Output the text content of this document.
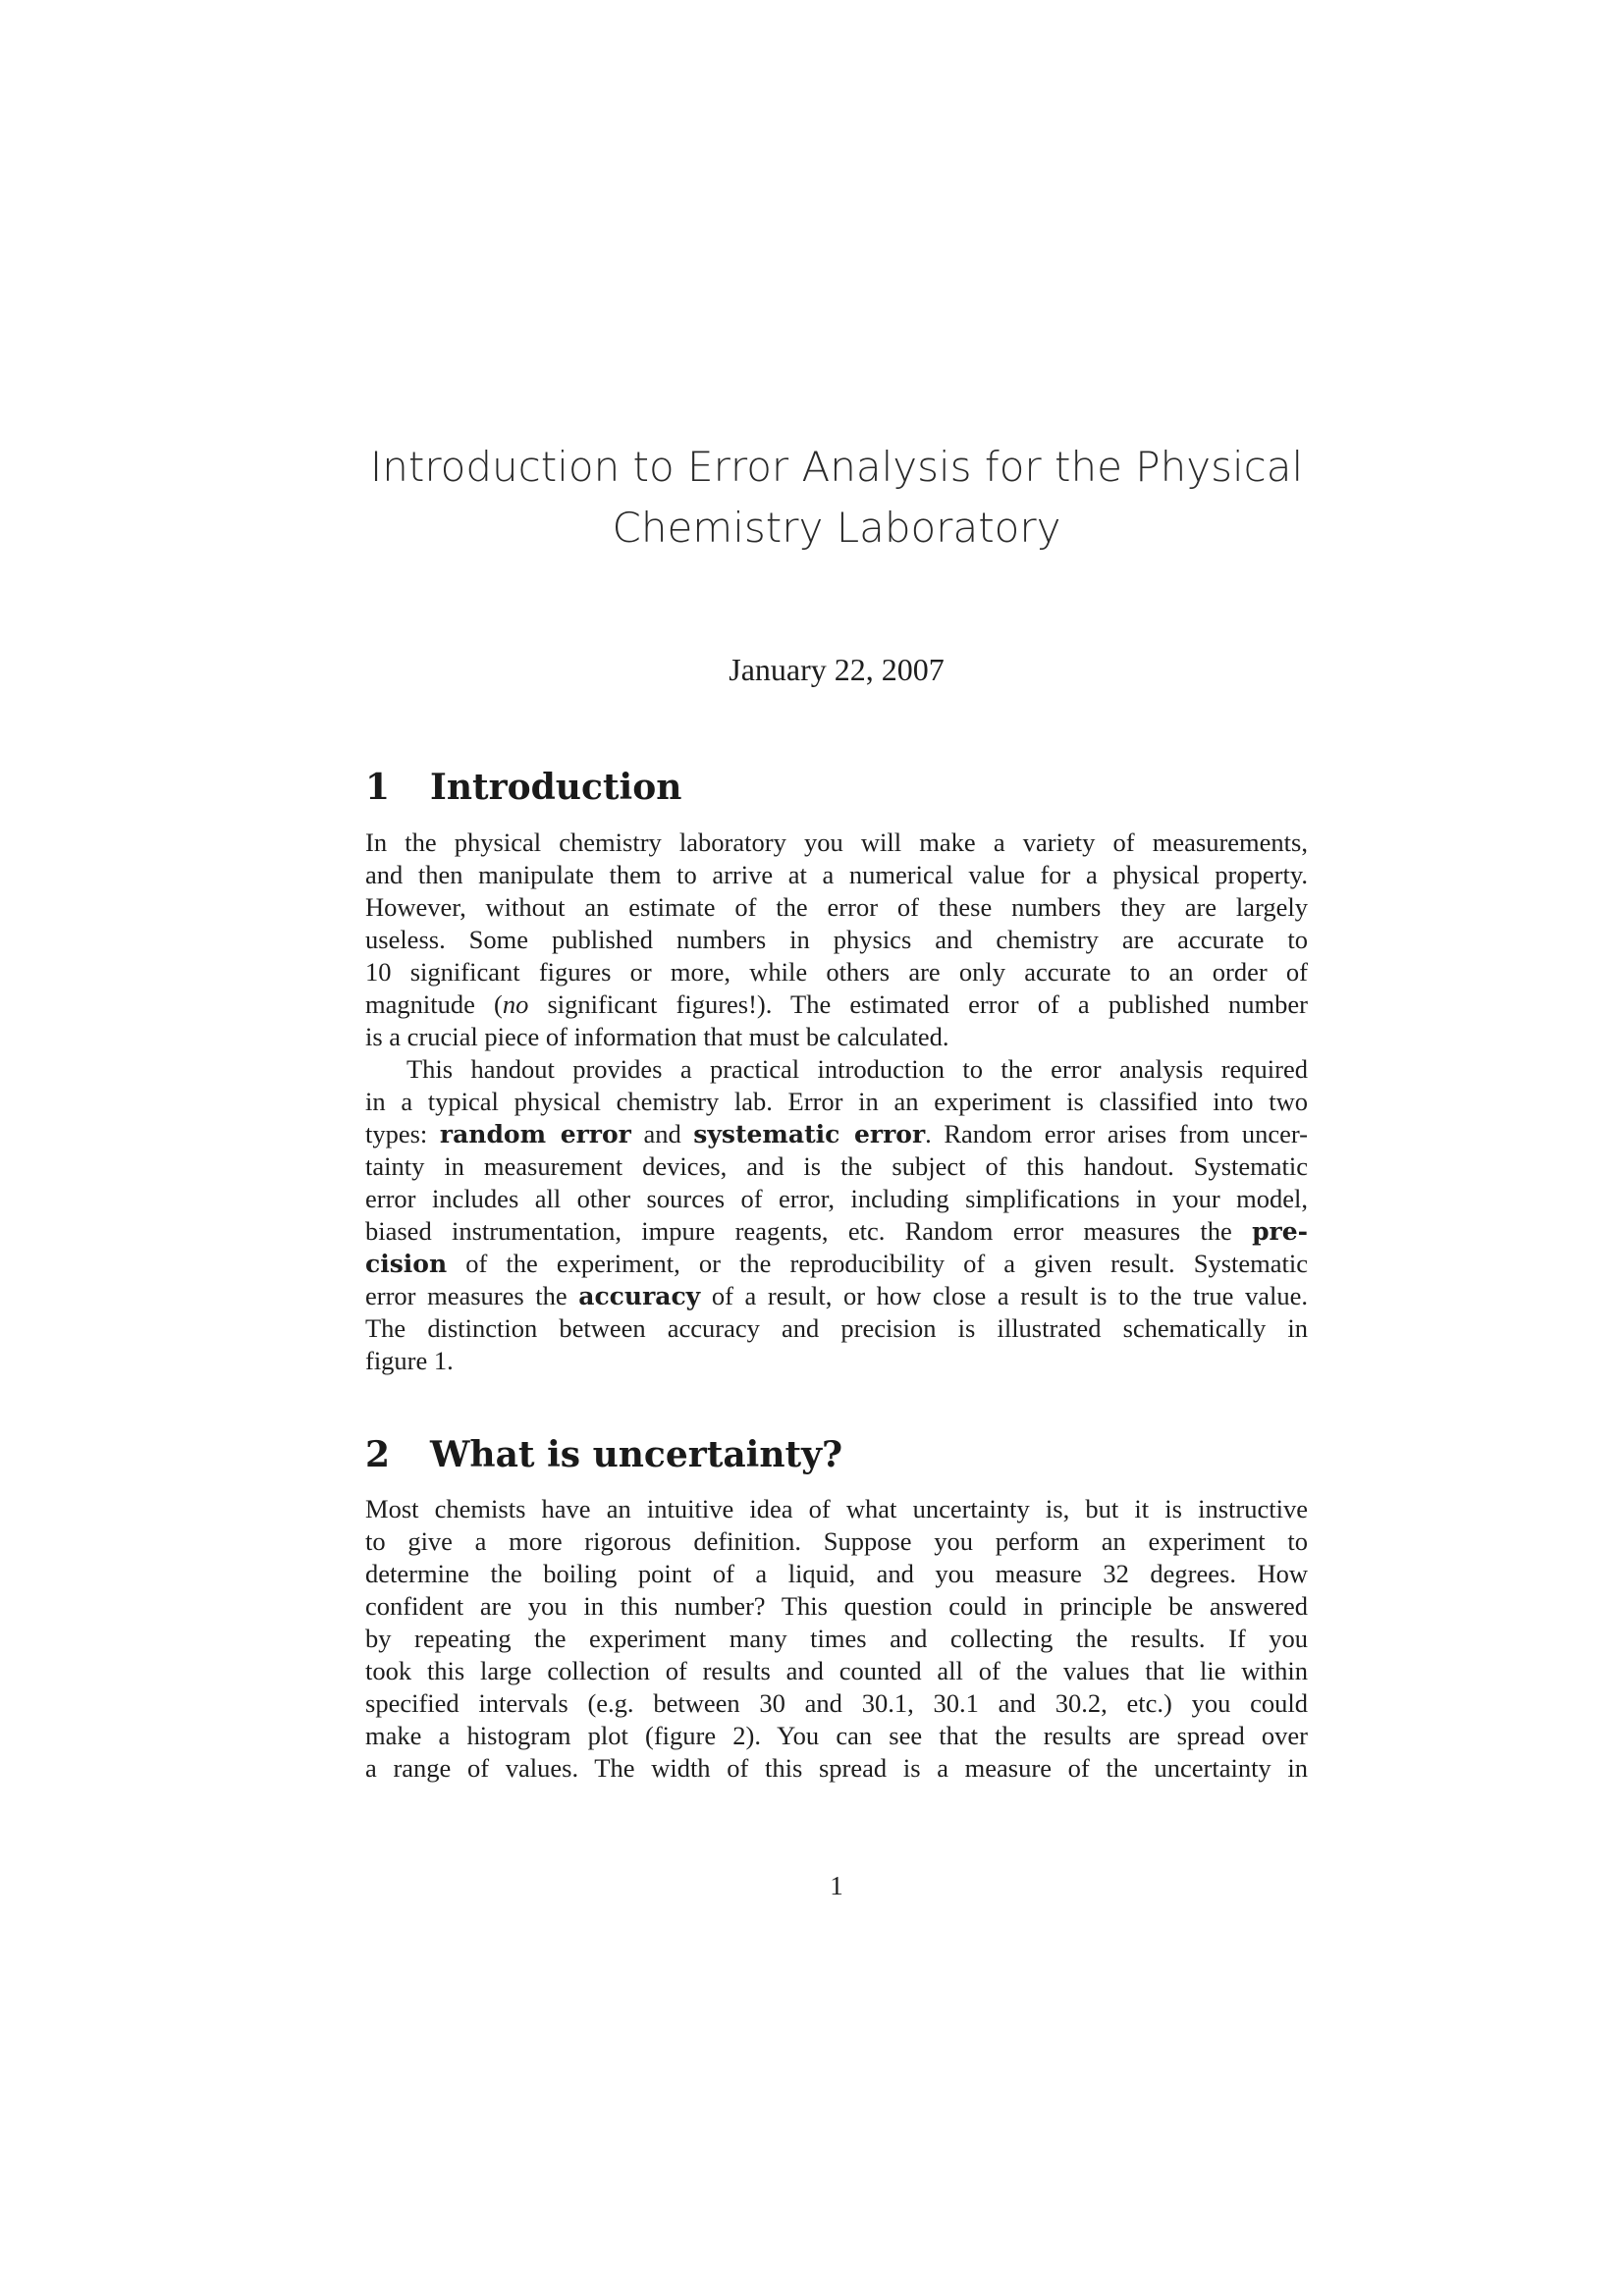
Introduction to Error Analysis for the Physical
Chemistry Laboratory
January 22, 2007
1 Introduction

In the physical chemistry laboratory you will make a variety of measurements,
and then manipulate them to arrive at a numerical value for a physical property.
However, without an estimate of the error of these numbers they are largely
useless. Some published numbers in physics and chemistry are accurate to
10 significant figures or more, while others are only accurate to an order of
magnitude (no significant figures!). The estimated error of a published number
is a crucial piece of information that must be calculated.

This handout provides a practical introduction to the error analysis required
in a typical physical chemistry lab. Error in an experiment is classified into two
types: random error and systematic error. Random error arises from uncer-
tainty in measurement devices, and is the subject of this handout. Systematic
error includes all other sources of error, including simplifications in your model,
biased instrumentation, impure reagents, etc. Random error measures the pre-
cision of the experiment, or the reproducibility of a given result. Systematic
error measures the accuracy of a result, or how close a result is to the true value.
The distinction between accuracy and precision is illustrated schematically in
figure 1.

2 What is uncertainty?

Most chemists have an intuitive idea of what uncertainty is, but it is instructive
to give a more rigorous definition. Suppose you perform an experiment to
determine the boiling point of a liquid, and you measure 32 degrees. How
confident are you in this number? This question could in principle be answered
by repeating the experiment many times and collecting the results. If you
took this large collection of results and counted all of the values that lie within
specified intervals (e.g. between 30 and 30.1, 30.1 and 30.2, etc.) you could
make a histogram plot (figure 2). You can see that the results are spread over
a range of values. The width of this spread is a measure of the uncertainty in

1
